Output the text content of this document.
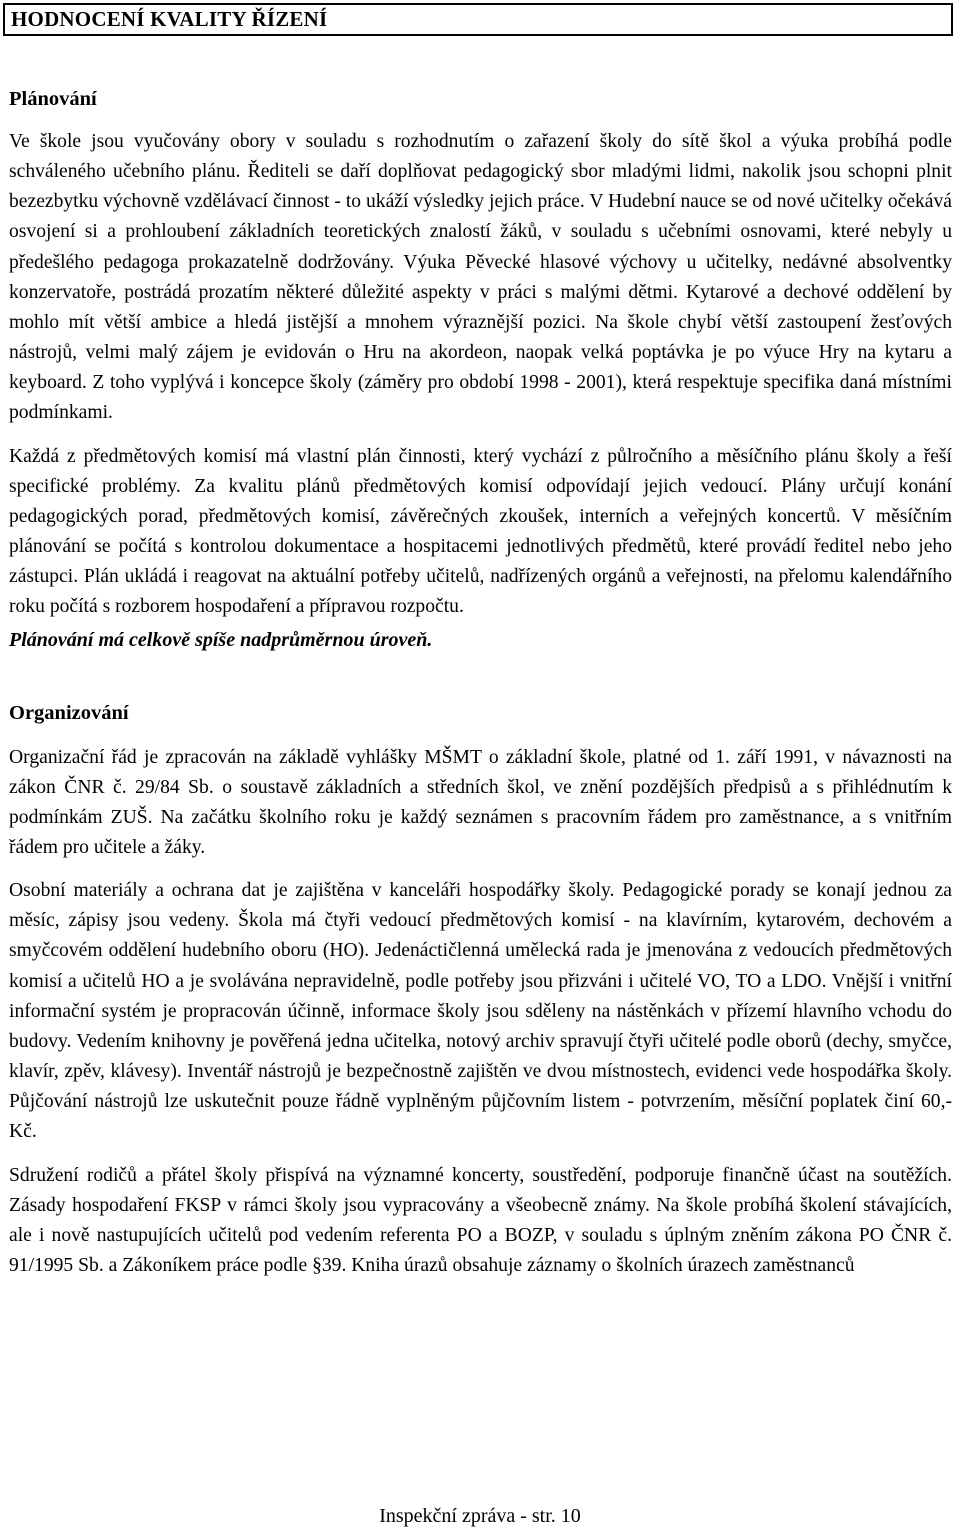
HODNOCENÍ KVALITY ŘÍZENÍ
Plánování

Ve škole jsou vyučovány obory v souladu s rozhodnutím o zařazení školy do sítě škol a výuka probíhá podle schváleného učebního plánu. Řediteli se daří doplňovat pedagogický sbor mladými lidmi, nakolik jsou schopni plnit bezezbytku výchovně vzdělávací činnost - to ukáží výsledky jejich práce. V Hudební nauce se od nové učitelky očekává osvojení si a prohloubení základních teoretických znalostí žáků, v souladu s učebními osnovami, které nebyly u předešlého pedagoga prokazatelně dodržovány. Výuka Pěvecké hlasové výchovy u učitelky, nedávné absolventky konzervatoře, postrádá prozatím některé důležité aspekty v práci s malými dětmi. Kytarové a dechové oddělení by mohlo mít větší ambice a hledá jistější a mnohem výraznější pozici. Na škole chybí větší zastoupení žesťových nástrojů, velmi malý zájem je evidován o Hru na akordeon, naopak velká poptávka je po výuce Hry na kytaru a keyboard. Z toho vyplývá i koncepce školy (záměry pro období 1998 - 2001), která respektuje specifika daná místními podmínkami.

Každá z předmětových komisí má vlastní plán činnosti, který vychází z půlročního a měsíčního plánu školy a řeší specifické problémy. Za kvalitu plánů předmětových komisí odpovídají jejich vedoucí. Plány určují konání pedagogických porad, předmětových komisí, závěrečných zkoušek, interních a veřejných koncertů. V měsíčním plánování se počítá s kontrolou dokumentace a hospitacemi jednotlivých předmětů, které provádí ředitel nebo jeho zástupci. Plán ukládá i reagovat na aktuální potřeby učitelů, nadřízených orgánů a veřejnosti, na přelomu kalendářního roku počítá s rozborem hospodaření a přípravou rozpočtu.

Plánování má celkově spíše nadprůměrnou úroveň.

Organizování

Organizační řád je zpracován na základě vyhlášky MŠMT o základní škole, platné od 1. září 1991, v návaznosti na zákon ČNR č. 29/84 Sb. o soustavě základních a středních škol, ve znění pozdějších předpisů a s přihlédnutím k podmínkám ZUŠ. Na začátku školního roku je každý seznámen s pracovním řádem pro zaměstnance, a s vnitřním řádem pro učitele a žáky.

Osobní materiály a ochrana dat je zajištěna v kanceláři hospodářky školy. Pedagogické porady se konají jednou za měsíc, zápisy jsou vedeny. Škola má čtyři vedoucí předmětových komisí - na klavírním, kytarovém, dechovém a smyčcovém oddělení hudebního oboru (HO). Jedenáctičlenná umělecká rada je jmenována z vedoucích předmětových komisí a učitelů HO a je svolávána nepravidelně, podle potřeby jsou přizváni i učitelé VO, TO a LDO. Vnější i vnitřní informační systém je propracován účinně, informace školy jsou sděleny na nástěnkách v přízemí hlavního vchodu do budovy. Vedením knihovny je pověřená jedna učitelka, notový archiv spravují čtyři učitelé podle oborů (dechy, smyčce, klavír, zpěv, klávesy). Inventář nástrojů je bezpečnostně zajištěn ve dvou místnostech, evidenci vede hospodářka školy. Půjčování nástrojů lze uskutečnit pouze řádně vyplněným půjčovním listem - potvrzením, měsíční poplatek činí 60,- Kč.

Sdružení rodičů a přátel školy přispívá na významné koncerty, soustředění, podporuje finančně účast na soutěžích. Zásady hospodaření FKSP v rámci školy jsou vypracovány a všeobecně známy. Na škole probíhá školení stávajících, ale i nově nastupujících učitelů pod vedením referenta PO a BOZP, v souladu s úplným zněním zákona PO ČNR č. 91/1995 Sb. a Zákoníkem práce podle §39. Kniha úrazů obsahuje záznamy o školních úrazech zaměstnanců

Inspekční zpráva - str. 10
